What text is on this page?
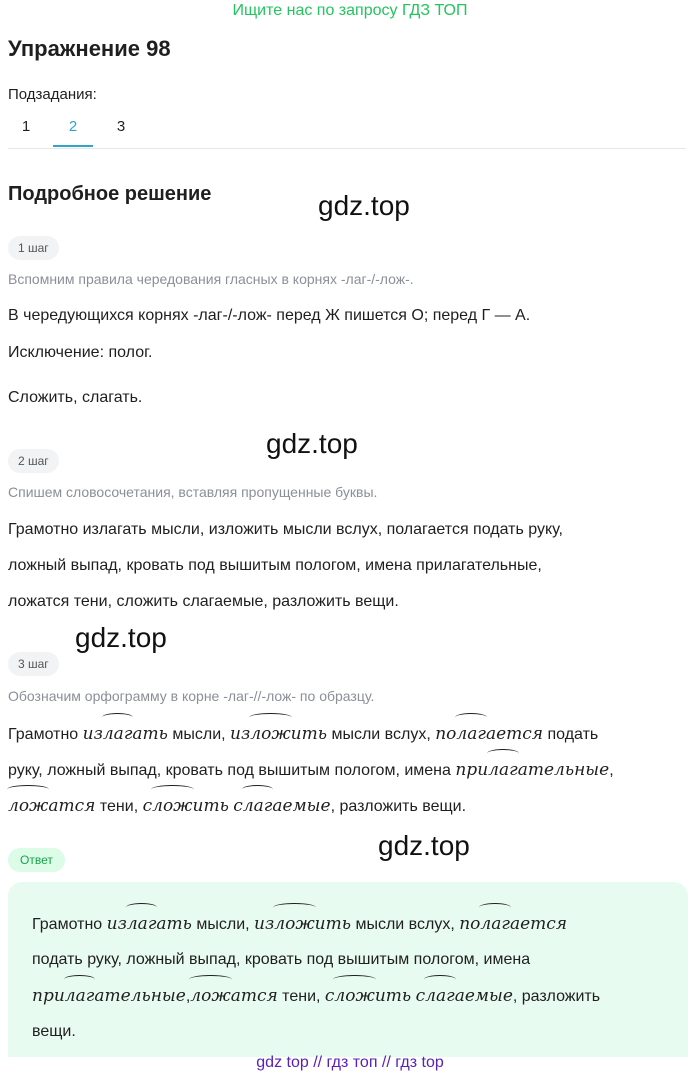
Ищите нас по запросу ГДЗ ТОП
Упражнение 98
Подзадания:
1	2	3
Подробное решение	gdz.top
gdz.top
gdz.top
gdz.top
1 шаг
Вспомним правила чередования гласных в корнях -лаг-/-лож-.
В чередующихся корнях -лаг-/-лож- перед Ж пишется О; перед Г — А.
Исключение: полог.
Сложить, слагать.
2 шаг
Спишем словосочетания, вставляя пропущенные буквы.
Грамотно излагать мысли, изложить мысли вслух, полагается подать руку,
ложный выпад, кровать под вышитым пологом, имена прилагательные,
ложатся тени, сложить слагаемые, разложить вещи.
3 шаг
Обозначим орфограмму в корне -лаг-//-лож- по образцу.
Грамотно излагать мысли, изложить мысли вслух, полагается подать
руку, ложный выпад, кровать под вышитым пологом, имена прилагательные,
ложатся тени, сложить слагаемые, разложить вещи.
Ответ
Грамотно излагать мысли, изложить мысли вслух, полагается
подать руку, ложный выпад, кровать под вышитым пологом, имена
прилагательные,ложатся тени, сложить слагаемые, разложить
вещи.
gdz top // гдз топ // гдз top
